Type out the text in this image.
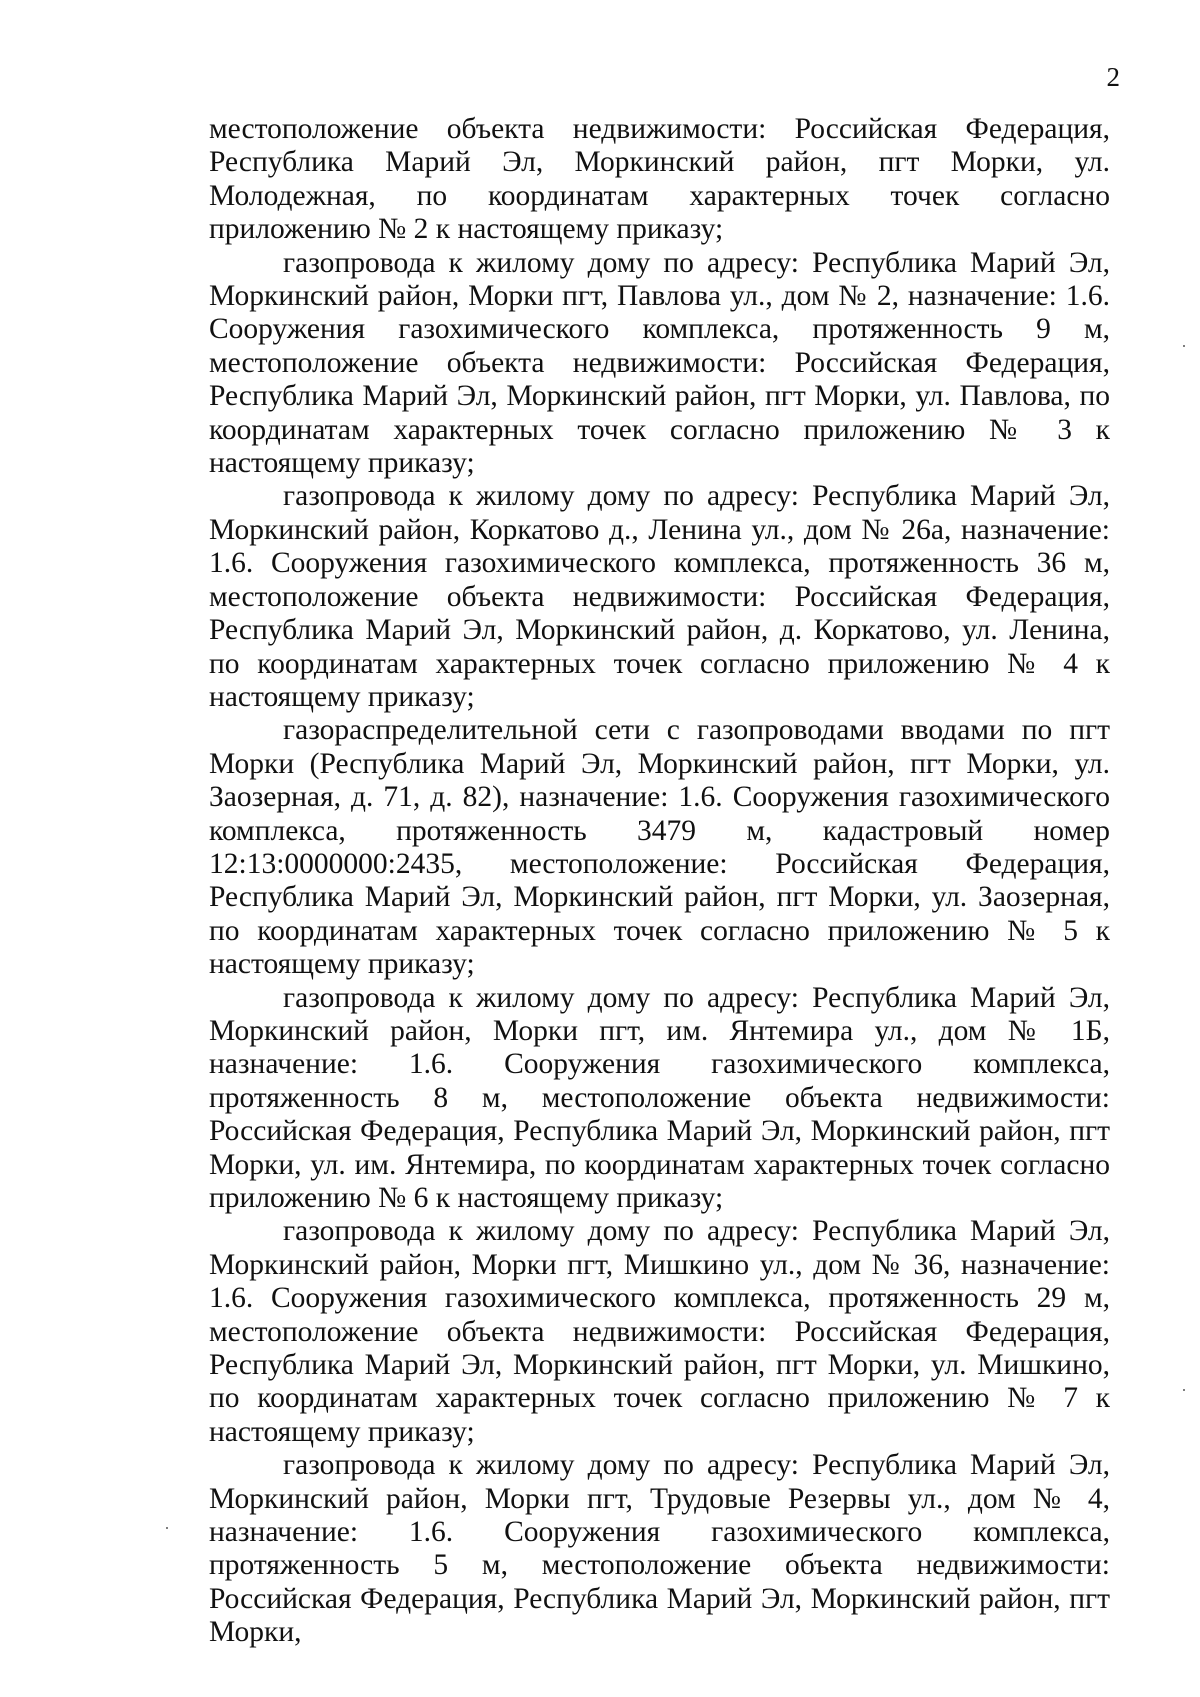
2

местоположение объекта недвижимости: Российская Федерация, Республика Марий Эл, Моркинский район, пгт Морки, ул. Молодежная, по координатам характерных точек согласно приложению № 2 к настоящему приказу;

газопровода к жилому дому по адресу: Республика Марий Эл, Моркинский район, Морки пгт, Павлова ул., дом № 2, назначение: 1.6. Сооружения газохимического комплекса, протяженность 9 м, местоположение объекта недвижимости: Российская Федерация, Республика Марий Эл, Моркинский район, пгт Морки, ул. Павлова, по координатам характерных точек согласно приложению № 3 к настоящему приказу;

газопровода к жилому дому по адресу: Республика Марий Эл, Моркинский район, Коркатово д., Ленина ул., дом № 26а, назначение: 1.6. Сооружения газохимического комплекса, протяженность 36 м, местоположение объекта недвижимости: Российская Федерация, Республика Марий Эл, Моркинский район, д. Коркатово, ул. Ленина, по координатам характерных точек согласно приложению № 4 к настоящему приказу;

газораспределительной сети с газопроводами вводами по пгт Морки (Республика Марий Эл, Моркинский район, пгт Морки, ул. Заозерная, д. 71, д. 82), назначение: 1.6. Сооружения газохимического комплекса, протяженность 3479 м, кадастровый номер 12:13:0000000:2435, местоположение: Российская Федерация, Республика Марий Эл, Моркинский район, пгт Морки, ул. Заозерная, по координатам характерных точек согласно приложению № 5 к настоящему приказу;

газопровода к жилому дому по адресу: Республика Марий Эл, Моркинский район, Морки пгт, им. Янтемира ул., дом № 1Б, назначение: 1.6. Сооружения газохимического комплекса, протяженность 8 м, местоположение объекта недвижимости: Российская Федерация, Республика Марий Эл, Моркинский район, пгт Морки, ул. им. Янтемира, по координатам характерных точек согласно приложению № 6 к настоящему приказу;

газопровода к жилому дому по адресу: Республика Марий Эл, Моркинский район, Морки пгт, Мишкино ул., дом № 36, назначение: 1.6. Сооружения газохимического комплекса, протяженность 29 м, местоположение объекта недвижимости: Российская Федерация, Республика Марий Эл, Моркинский район, пгт Морки, ул. Мишкино, по координатам характерных точек согласно приложению № 7 к настоящему приказу;

газопровода к жилому дому по адресу: Республика Марий Эл, Моркинский район, Морки пгт, Трудовые Резервы ул., дом № 4, назначение: 1.6. Сооружения газохимического комплекса, протяженность 5 м, местоположение объекта недвижимости: Российская Федерация, Республика Марий Эл, Моркинский район, пгт Морки,
